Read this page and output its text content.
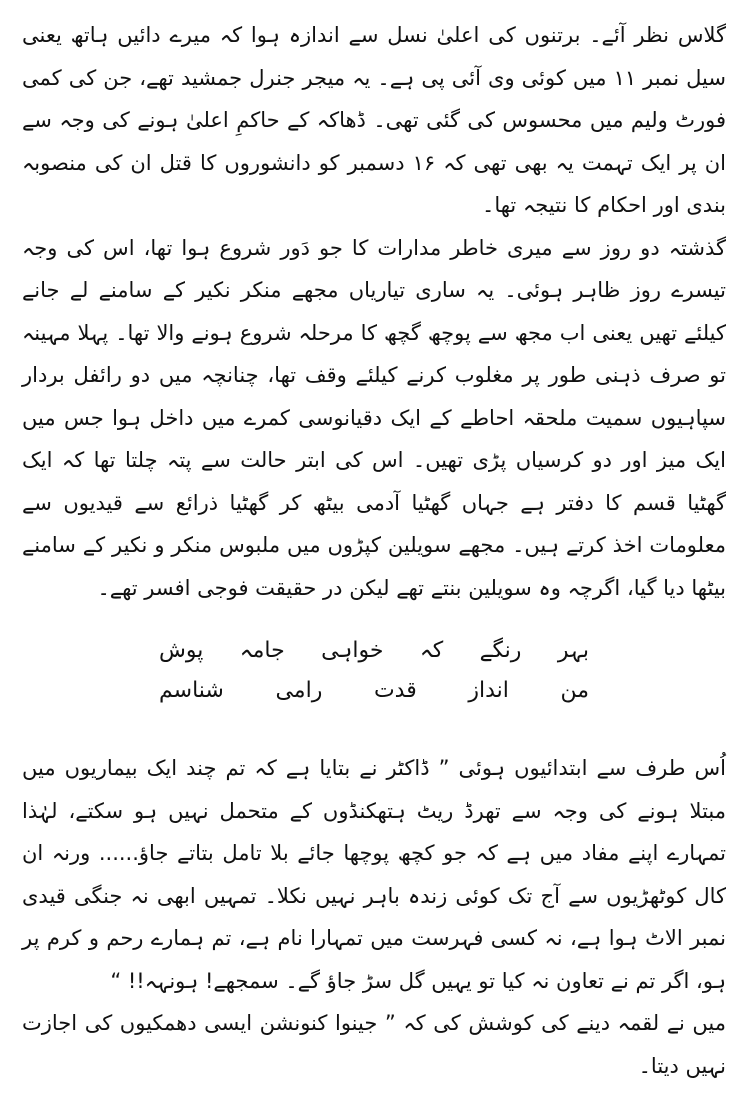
گلاس نظر آئے۔ برتنوں کی اعلیٰ نسل سے اندازہ ہوا کہ میرے دائیں ہاتھ یعنی سیل نمبر ۱۱ میں کوئی وی آئی پی ہے۔ یہ میجر جنرل جمشید تھے، جن کی کمی فورٹ ولیم میں محسوس کی گئی تھی۔ ڈھاکہ کے حاکمِ اعلیٰ ہونے کی وجہ سے ان پر ایک تہمت یہ بھی تھی کہ ۱۶ دسمبر کو دانشوروں کا قتل ان کی منصوبہ بندی اور احکام کا نتیجہ تھا۔

گذشتہ دو روز سے میری خاطر مدارات کا جو دَور شروع ہوا تھا، اس کی وجہ تیسرے روز ظاہر ہوئی۔ یہ ساری تیاریاں مجھے منکر نکیر کے سامنے لے جانے کیلئے تھیں یعنی اب مجھ سے پوچھ گچھ کا مرحلہ شروع ہونے والا تھا۔ پہلا مہینہ تو صرف ذہنی طور پر مغلوب کرنے کیلئے وقف تھا، چنانچہ میں دو رائفل بردار سپاہیوں سمیت ملحقہ احاطے کے ایک دقیانوسی کمرے میں داخل ہوا جس میں ایک میز اور دو کرسیاں پڑی تھیں۔ اس کی ابتر حالت سے پتہ چلتا تھا کہ ایک گھٹیا قسم کا دفتر ہے جہاں گھٹیا آدمی بیٹھ کر گھٹیا ذرائع سے قیدیوں سے معلومات اخذ کرتے ہیں۔ مجھے سویلین کپڑوں میں ملبوس منکر و نکیر کے سامنے بیٹھا دیا گیا، اگرچہ وہ سویلین بنتے تھے لیکن در حقیقت فوجی افسر تھے۔

بہر
رنگے
کہ
خواہی
جامہ
پوش
من
انداز
قدت
رامی
شناسم

اُس طرف سے ابتدائیوں ہوئی ” ڈاکٹر نے بتایا ہے کہ تم چند ایک بیماریوں میں مبتلا ہونے کی وجہ سے تھرڈ ریٹ ہتھکنڈوں کے متحمل نہیں ہو سکتے، لہٰذا تمہارے اپنے مفاد میں ہے کہ جو کچھ پوچھا جائے بلا تامل بتاتے جاؤ...... ورنہ ان کال کوٹھڑیوں سے آج تک کوئی زندہ باہر نہیں نکلا۔ تمہیں ابھی نہ جنگی قیدی نمبر الاٹ ہوا ہے، نہ کسی فہرست میں تمہارا نام ہے، تم ہمارے رحم و کرم پر ہو، اگر تم نے تعاون نہ کیا تو یہیں گل سڑ جاؤ گے۔ سمجھے! ہونہہ!! “

میں نے لقمہ دینے کی کوشش کی کہ ” جینوا کنونشن ایسی دھمکیوں کی اجازت نہیں دیتا۔
